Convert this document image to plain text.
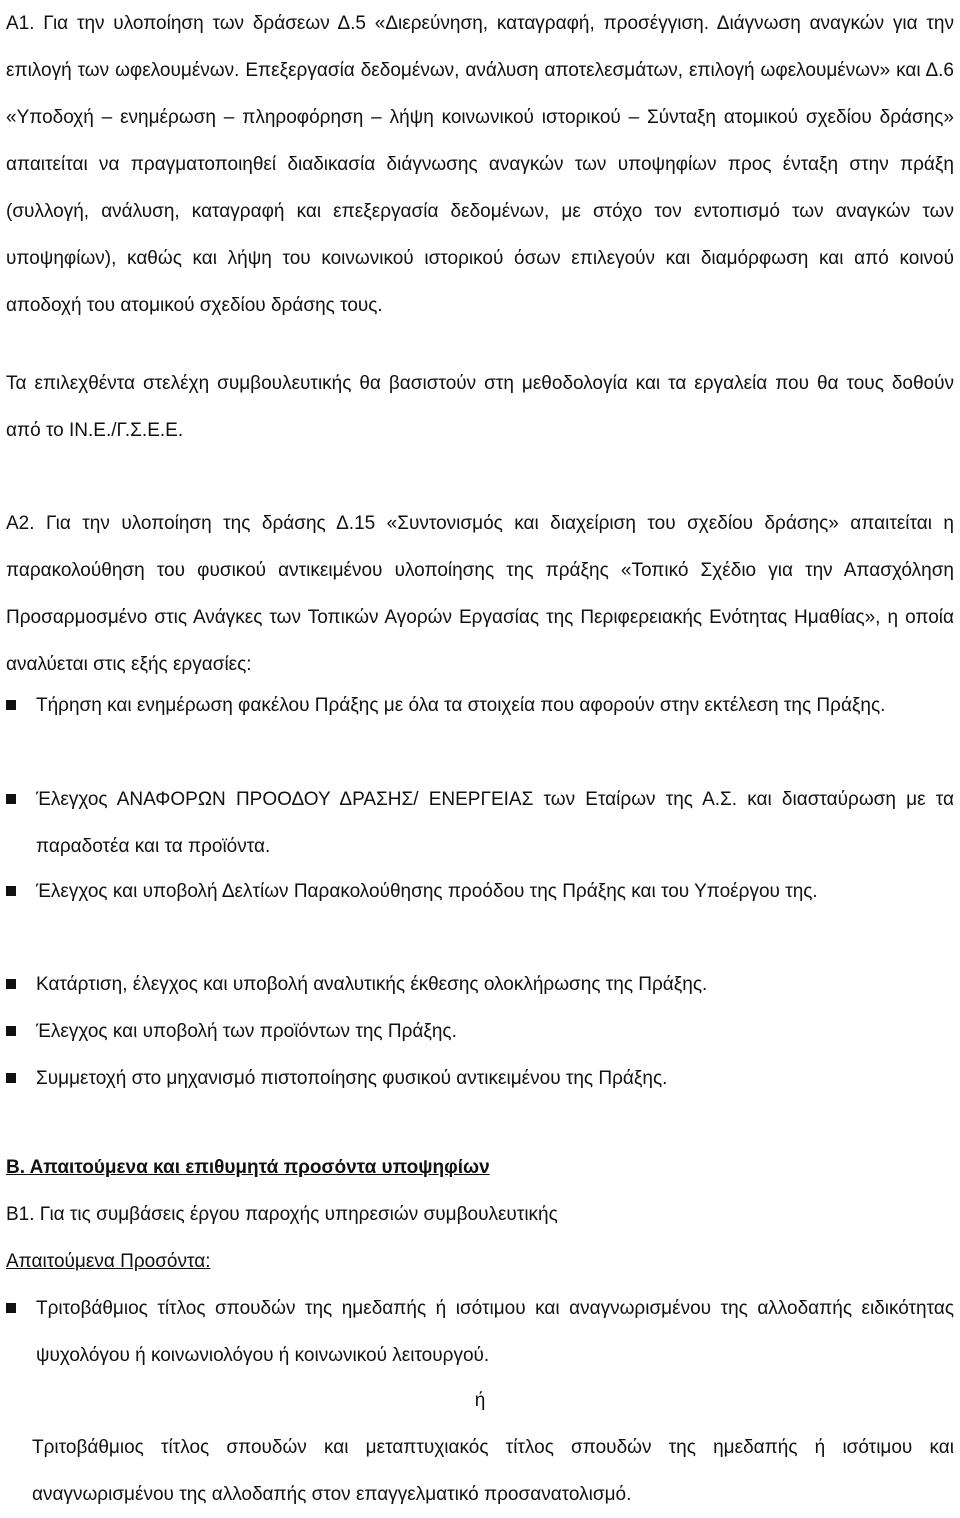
Α1. Για την υλοποίηση των δράσεων Δ.5 «Διερεύνηση, καταγραφή, προσέγγιση. Διάγνωση αναγκών για την επιλογή των ωφελουμένων. Επεξεργασία δεδομένων, ανάλυση αποτελεσμάτων, επιλογή ωφελουμένων» και Δ.6 «Υποδοχή – ενημέρωση – πληροφόρηση – λήψη κοινωνικού ιστορικού – Σύνταξη ατομικού σχεδίου δράσης» απαιτείται να πραγματοποιηθεί διαδικασία διάγνωσης αναγκών των υποψηφίων προς ένταξη στην πράξη (συλλογή, ανάλυση, καταγραφή και επεξεργασία δεδομένων, με στόχο τον εντοπισμό των αναγκών των υποψηφίων), καθώς και λήψη του κοινωνικού ιστορικού όσων επιλεγούν και διαμόρφωση και από κοινού αποδοχή του ατομικού σχεδίου δράσης τους.

Τα επιλεχθέντα στελέχη συμβουλευτικής θα βασιστούν στη μεθοδολογία και τα εργαλεία που θα τους δοθούν από το ΙΝ.Ε./Γ.Σ.Ε.Ε.

Α2. Για την υλοποίηση της δράσης Δ.15 «Συντονισμός και διαχείριση του σχεδίου δράσης» απαιτείται η παρακολούθηση του φυσικού αντικειμένου υλοποίησης της πράξης «Τοπικό Σχέδιο για την Απασχόληση Προσαρμοσμένο στις Ανάγκες των Τοπικών Αγορών Εργασίας της Περιφερειακής Ενότητας Ημαθίας», η οποία αναλύεται στις εξής εργασίες:

Τήρηση και ενημέρωση φακέλου Πράξης με όλα τα στοιχεία που αφορούν στην εκτέλεση της Πράξης.
Έλεγχος ΑΝΑΦΟΡΩΝ ΠΡΟΟΔΟΥ ΔΡΑΣΗΣ/ ΕΝΕΡΓΕΙΑΣ των Εταίρων της Α.Σ. και διασταύρωση με τα παραδοτέα και τα προϊόντα.
Έλεγχος και υποβολή Δελτίων Παρακολούθησης προόδου της Πράξης και του Υποέργου της.
Κατάρτιση, έλεγχος και υποβολή αναλυτικής έκθεσης ολοκλήρωσης της Πράξης.
Έλεγχος και υποβολή των προϊόντων της Πράξης.
Συμμετοχή στο μηχανισμό πιστοποίησης φυσικού αντικειμένου της Πράξης.
Β. Απαιτούμενα και επιθυμητά προσόντα υποψηφίων
Β1. Για τις συμβάσεις έργου παροχής υπηρεσιών συμβουλευτικής
Απαιτούμενα Προσόντα:
Τριτοβάθμιος τίτλος σπουδών της ημεδαπής ή ισότιμου και αναγνωρισμένου της αλλοδαπής ειδικότητας ψυχολόγου ή κοινωνιολόγου ή κοινωνικού λειτουργού.
ή
Τριτοβάθμιος τίτλος σπουδών και μεταπτυχιακός τίτλος σπουδών της ημεδαπής ή ισότιμου και αναγνωρισμένου της αλλοδαπής στον επαγγελματικό προσανατολισμό.
